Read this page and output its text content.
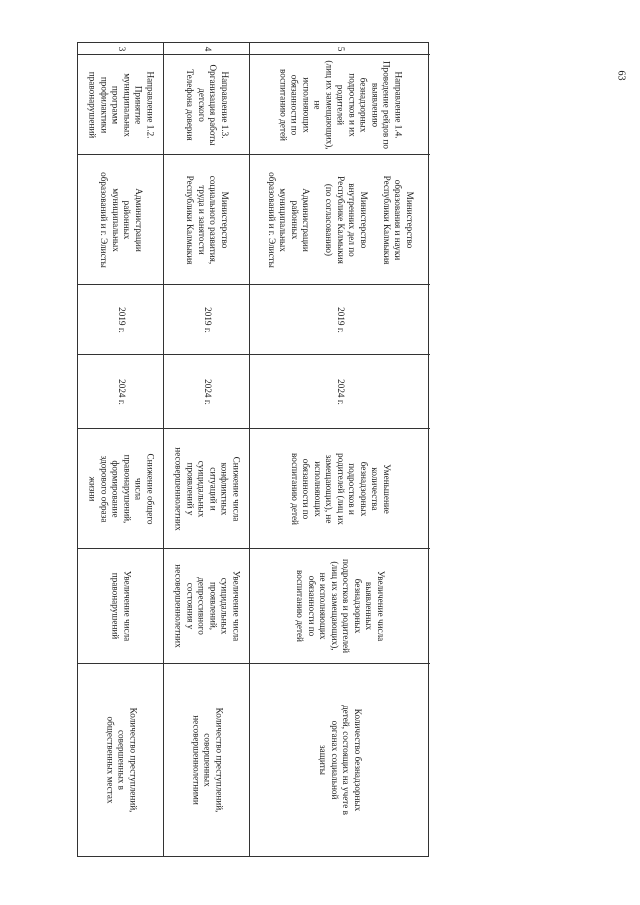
63
3
Направление 1.2.
Принятие муниципальных
программ профилактики
правонарушений
Администрации
районных
муниципальных
образований и г. Элисты
2019 г.
2024 г.
Снижение общего
числа
правонарушений,
формирование
здорового образа
жизни
Увеличение числа
правонарушений
Количество преступлений,
совершенных в
общественных местах
4
Направление 1.3.
Организация работы детского
Телефона доверия
Министерство
социального развития,
труда и занятости
Республики Калмыкия
2019 г.
2024 г.
Снижение числа
конфликтных
ситуаций и
суицидальных
проявлений у
несовершеннолетних
Увеличение числа
суицидальных
проявлений,
депрессивного
состояния у
несовершеннолетних
Количество преступлений,
совершенных
несовершеннолетними
5
Направление 1.4.
Проведение рейдов по
выявлению безнадзорных
подростков и их родителей
(лиц их замещающих), не
исполняющих обязанности по
воспитанию детей
Министерство
образования и науки
Республики Калмыкия

Министерство
внутренних дел по
Республике Калмыкия
(по согласованию)

Администрации
районных
муниципальных
образований и г. Элисты
2019 г.
2024 г.
Уменьшение
количества
безнадзорных
подростков и
родителей (лиц их
замещающих), не
исполняющих
обязанности по
воспитанию детей
Увеличение числа
выявленных
безнадзорных
подростков и родителей
(лиц их замещающих),
не исполняющих
обязанности по
воспитанию детей
Количество безнадзорных
детей, состоящих на учете в
органах социальной
защиты
